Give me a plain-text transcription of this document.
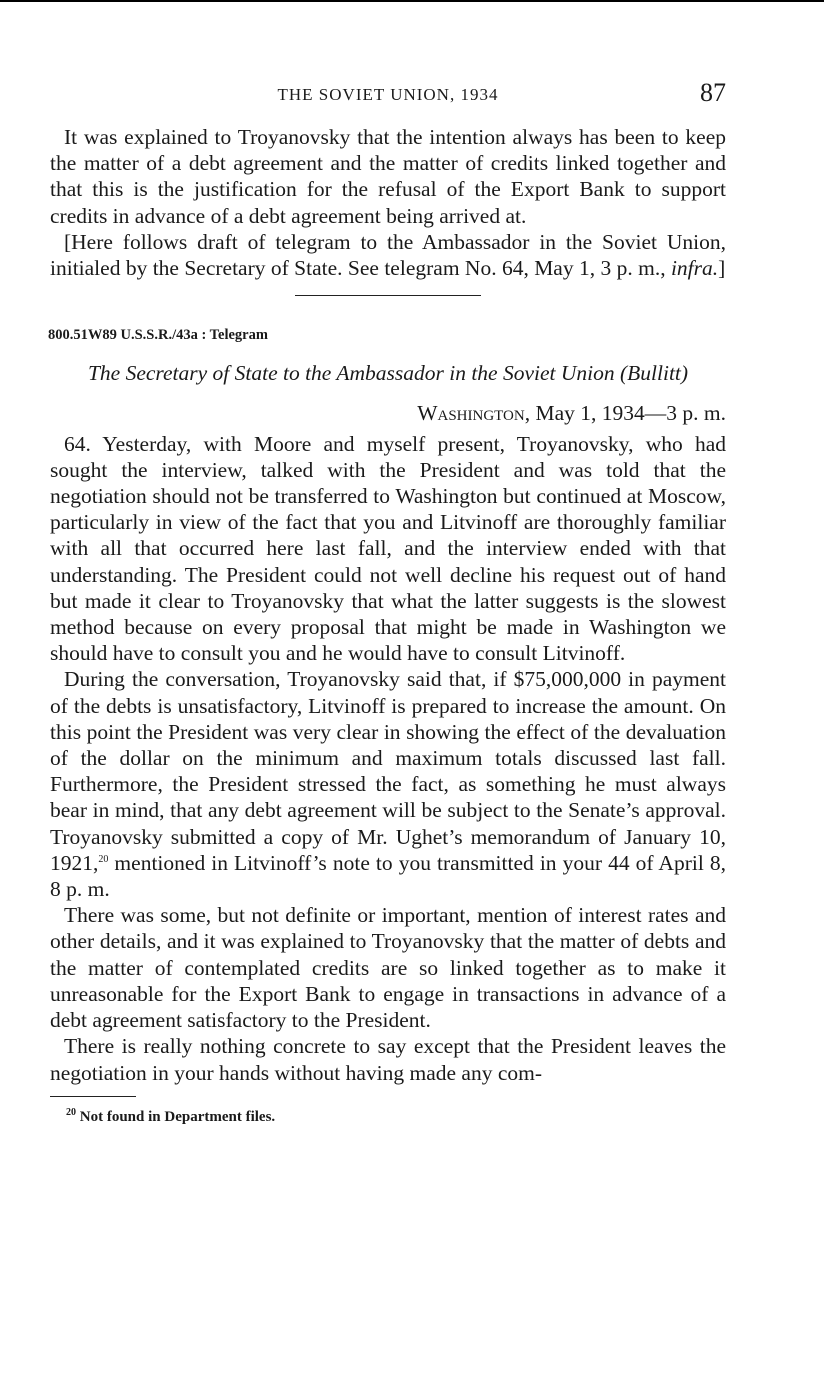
THE SOVIET UNION, 1934	87

It was explained to Troyanovsky that the intention always has been to keep the matter of a debt agreement and the matter of credits linked together and that this is the justification for the refusal of the Export Bank to support credits in advance of a debt agreement being arrived at.

[Here follows draft of telegram to the Ambassador in the Soviet Union, initialed by the Secretary of State. See telegram No. 64, May 1, 3 p. m., infra.]

800.51W89 U.S.S.R./43a : Telegram
The Secretary of State to the Ambassador in the Soviet Union (Bullitt)
Washington, May 1, 1934—3 p. m.

64. Yesterday, with Moore and myself present, Troyanovsky, who had sought the interview, talked with the President and was told that the negotiation should not be transferred to Washington but continued at Moscow, particularly in view of the fact that you and Litvinoff are thoroughly familiar with all that occurred here last fall, and the interview ended with that understanding. The President could not well decline his request out of hand but made it clear to Troyanovsky that what the latter suggests is the slowest method because on every proposal that might be made in Washington we should have to consult you and he would have to consult Litvinoff.

During the conversation, Troyanovsky said that, if $75,000,000 in payment of the debts is unsatisfactory, Litvinoff is prepared to increase the amount. On this point the President was very clear in showing the effect of the devaluation of the dollar on the minimum and maximum totals discussed last fall. Furthermore, the President stressed the fact, as something he must always bear in mind, that any debt agreement will be subject to the Senate’s approval. Troyanovsky submitted a copy of Mr. Ughet’s memorandum of January 10, 1921,20 mentioned in Litvinoff’s note to you transmitted in your 44 of April 8, 8 p. m.

There was some, but not definite or important, mention of interest rates and other details, and it was explained to Troyanovsky that the matter of debts and the matter of contemplated credits are so linked together as to make it unreasonable for the Export Bank to engage in transactions in advance of a debt agreement satisfactory to the President.

There is really nothing concrete to say except that the President leaves the negotiation in your hands without having made any com-

$^{20}$ Not found in Department files.
